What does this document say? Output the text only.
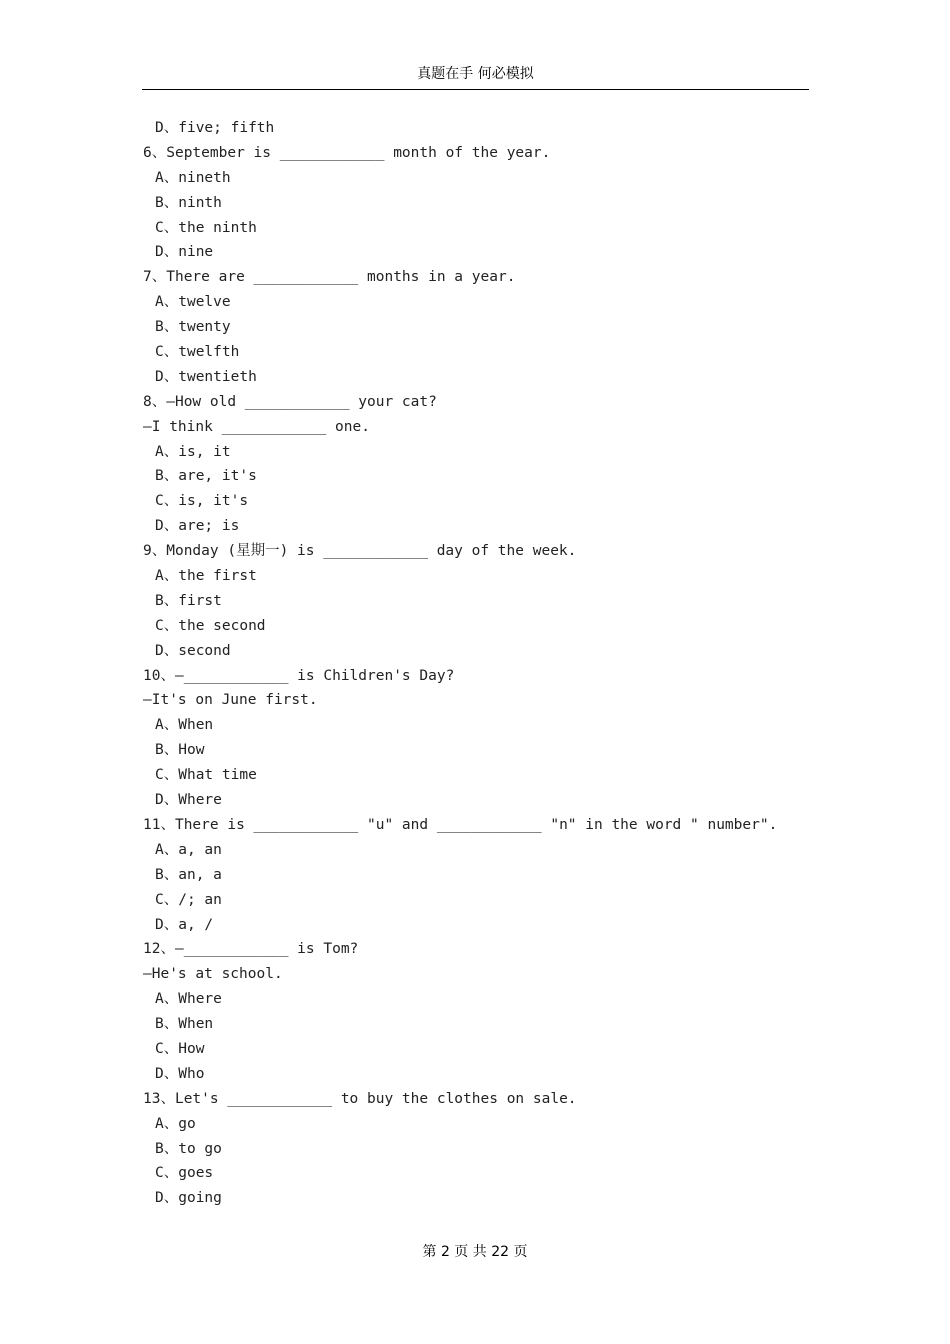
真题在手 何必模拟
D、five; fifth
6、September is ____________ month of the year.
A、nineth
B、ninth
C、the ninth
D、nine
7、There are ____________ months in a year.
A、twelve
B、twenty
C、twelfth
D、twentieth
8、—How old ____________ your cat?
—I think ____________ one.
A、is, it
B、are, it's
C、is, it's
D、are; is
9、Monday (星期一) is ____________ day of the week.
A、the first
B、first
C、the second
D、second
10、—____________ is Children's Day?
—It's on June first.
A、When
B、How
C、What time
D、Where
11、There is ____________ "u" and ____________ "n" in the word " number".
A、a, an
B、an, a
C、/; an
D、a, /
12、—____________ is Tom?
—He's at school.
A、Where
B、When
C、How
D、Who
13、Let's ____________ to buy the clothes on sale.
A、go
B、to go
C、goes
D、going
第 2 页 共 22 页
